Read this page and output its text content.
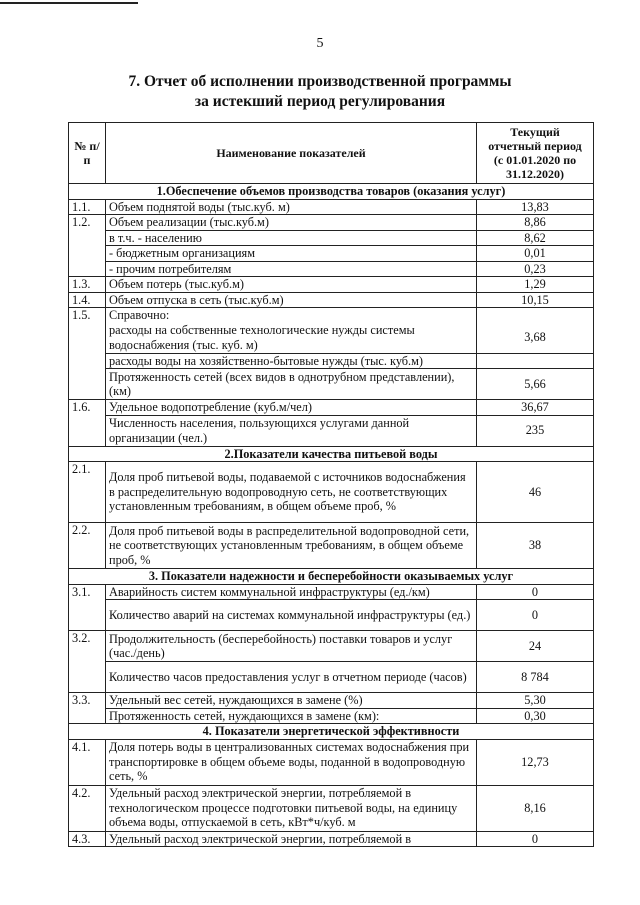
5
7. Отчет об исполнении производственной программы
за истекший период регулирования
№ п/п	Наименование показателей	Текущий
отчетный период
(с 01.01.2020 по
31.12.2020)

1.Обеспечение объемов производства товаров (оказания услуг)		
1.1.	Объем поднятой воды (тыс.куб. м)	13,83
1.2.	Объем реализации (тыс.куб.м)	8,86
	в т.ч. - населению	8,62
	- бюджетным организациям	0,01
	- прочим потребителям	0,23
1.3.	Объем потерь (тыс.куб.м)	1,29
1.4.	Объем отпуска в сеть (тыс.куб.м)	10,15
1.5.	Справочно:	
	расходы на собственные технологические нужды системы водоснабжения (тыс. куб. м)	3,68
	расходы воды на хозяйственно-бытовые нужды (тыс. куб.м)	
	Протяженность сетей (всех видов в однотрубном представлении), (км)	5,66
1.6.	Удельное водопотребление (куб.м/чел)	36,67
	Численность населения, пользующихся услугами данной организации (чел.)	235
2.Показатели качества питьевой воды		
2.1.	Доля проб питьевой воды, подаваемой с источников водоснабжения в распределительную водопроводную сеть, не соответствующих установленным требованиям, в общем объеме проб, %	46
2.2.	Доля проб питьевой воды в распределительной водопроводной сети, не соответствующих установленным требованиям, в общем объеме проб, %	38
3. Показатели надежности и бесперебойности оказываемых услуг		
3.1.	Аварийность систем коммунальной инфраструктуры (ед./км)	0
	Количество аварий на системах коммунальной инфраструктуры (ед.)	0
3.2.	Продолжительность (бесперебойность) поставки товаров и услуг (час./день)	24
	Количество часов предоставления услуг в отчетном периоде (часов)	8 784
3.3.	Удельный вес сетей, нуждающихся в замене (%)	5,30
	Протяженность сетей, нуждающихся в замене (км):	0,30
4. Показатели энергетической эффективности		
4.1.	Доля потерь воды в централизованных системах водоснабжения при транспортировке в общем объеме воды, поданной в водопроводную сеть, %	12,73
4.2.	Удельный расход электрической энергии, потребляемой в технологическом процессе подготовки питьевой воды, на единицу объема воды, отпускаемой в сеть, кВт*ч/куб. м	8,16
4.3.	Удельный расход электрической энергии, потребляемой в	0
